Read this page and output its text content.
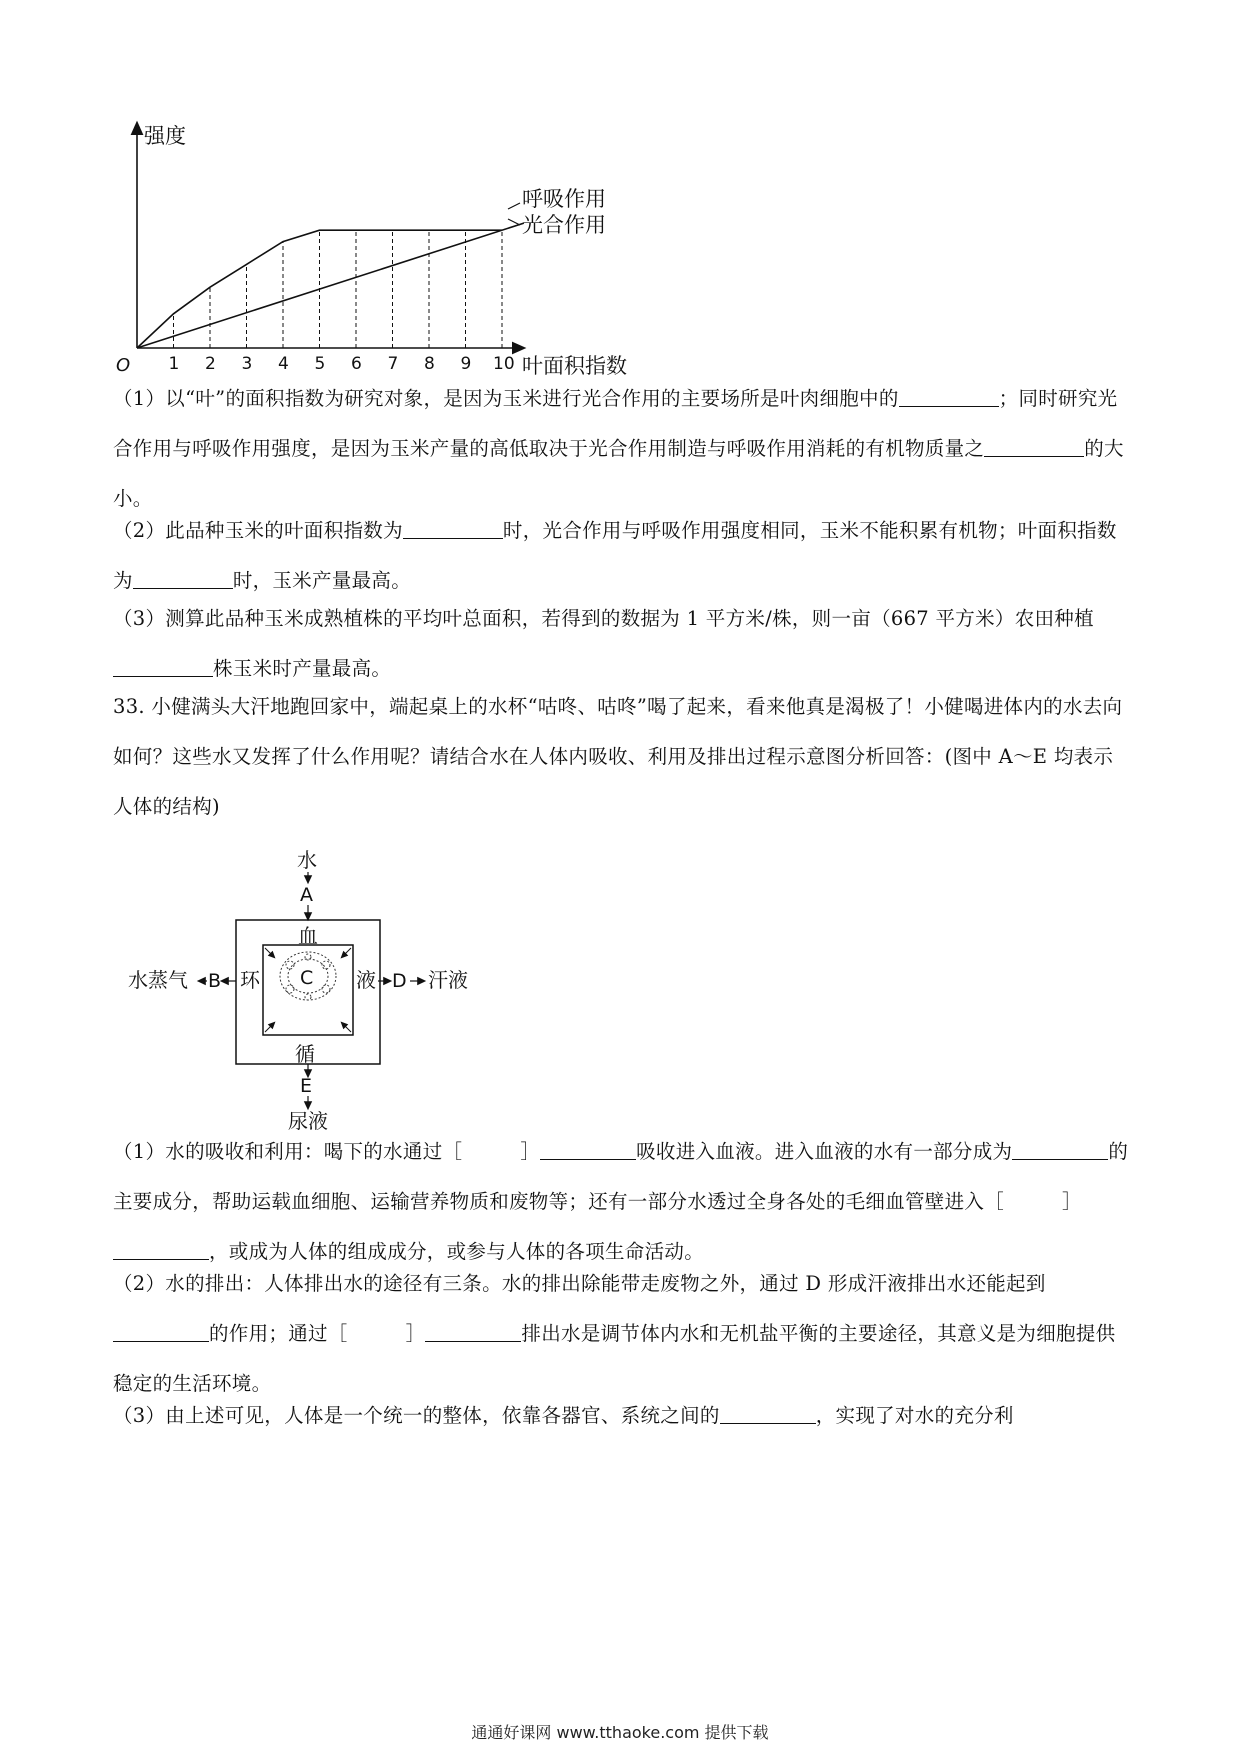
强度
叶面积指数
O 1 2 3 4 5 6 7 8 9 10
呼吸作用
光合作用
（1）以“叶”的面积指数为研究对象，是因为玉米进行光合作用的主要场所是叶肉细胞中的	；同时研究光合作用与呼吸作用强度，是因为玉米产量的高低取决于光合作用制造与呼吸作用消耗的有机物质量之	的大小。
（2）此品种玉米的叶面积指数为	时，光合作用与呼吸作用强度相同，玉米不能积累有机物；叶面积指数为	时，玉米产量最高。
（3）测算此品种玉米成熟植株的平均叶总面积，若得到的数据为 1 平方米/株，则一亩（667 平方米）农田种植株玉米时产量最高。
33. 小健满头大汗地跑回家中，端起桌上的水杯“咕咚、咕咚”喝了起来，看来他真是渴极了！小健喝进体内的水去向如何？这些水又发挥了什么作用呢？请结合水在人体内吸收、利用及排出过程示意图分析回答：(图中 A～E 均表示人体的结构)
水
A
血
环	液
循
C
B
水蒸气	D 汗液
E
尿液
（1）水的吸收和利用：喝下的水通过［	］	吸收进入血液。进入血液的水有一部分成为	的主要成分，帮助运载血细胞、运输营养物质和废物等；还有一部分水透过全身各处的毛细血管壁进入［	］，或成为人体的组成成分，或参与人体的各项生命活动。
（2）水的排出：人体排出水的途径有三条。水的排出除能带走废物之外，通过 D 形成汗液排出水还能起到的作用；通过［	］	排出水是调节体内水和无机盐平衡的主要途径，其意义是为细胞提供稳定的生活环境。
（3）由上述可见，人体是一个统一的整体，依靠各器官、系统之间的	，实现了对水的充分利
通通好课网 www.tthaoke.com 提供下载
